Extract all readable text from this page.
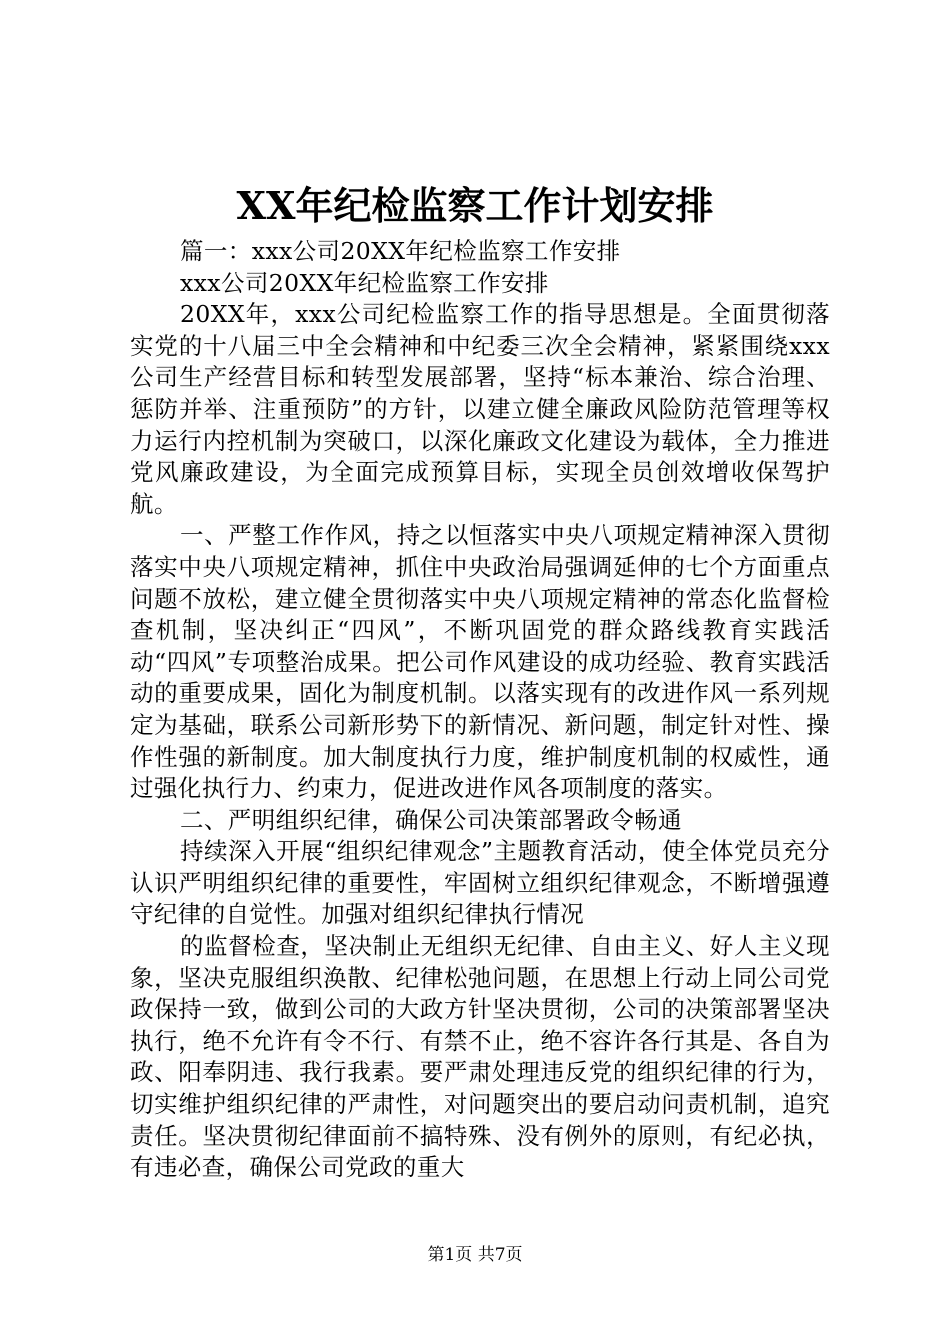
XX年纪检监察工作计划安排

篇一：xxx公司20XX年纪检监察工作安排

xxx公司20XX年纪检监察工作安排

20XX年，xxx公司纪检监察工作的指导思想是。全面贯彻落实党的十八届三中全会精神和中纪委三次全会精神，紧紧围绕xxx公司生产经营目标和转型发展部署，坚持“标本兼治、综合治理、惩防并举、注重预防”的方针，以建立健全廉政风险防范管理等权力运行内控机制为突破口，以深化廉政文化建设为载体，全力推进党风廉政建设，为全面完成预算目标，实现全员创效增收保驾护航。

一、严整工作作风，持之以恒落实中央八项规定精神深入贯彻落实中央八项规定精神，抓住中央政治局强调延伸的七个方面重点问题不放松，建立健全贯彻落实中央八项规定精神的常态化监督检查机制，坚决纠正“四风”，不断巩固党的群众路线教育实践活动“四风”专项整治成果。把公司作风建设的成功经验、教育实践活动的重要成果，固化为制度机制。以落实现有的改进作风一系列规定为基础，联系公司新形势下的新情况、新问题，制定针对性、操作性强的新制度。加大制度执行力度，维护制度机制的权威性，通过强化执行力、约束力，促进改进作风各项制度的落实。

二、严明组织纪律，确保公司决策部署政令畅通

持续深入开展“组织纪律观念”主题教育活动，使全体党员充分认识严明组织纪律的重要性，牢固树立组织纪律观念，不断增强遵守纪律的自觉性。加强对组织纪律执行情况

的监督检查，坚决制止无组织无纪律、自由主义、好人主义现象，坚决克服组织涣散、纪律松弛问题，在思想上行动上同公司党政保持一致，做到公司的大政方针坚决贯彻，公司的决策部署坚决执行，绝不允许有令不行、有禁不止，绝不容许各行其是、各自为政、阳奉阴违、我行我素。要严肃处理违反党的组织纪律的行为，切实维护组织纪律的严肃性，对问题突出的要启动问责机制，追究责任。坚决贯彻纪律面前不搞特殊、没有例外的原则，有纪必执，有违必查，确保公司党政的重大

第1页 共7页
